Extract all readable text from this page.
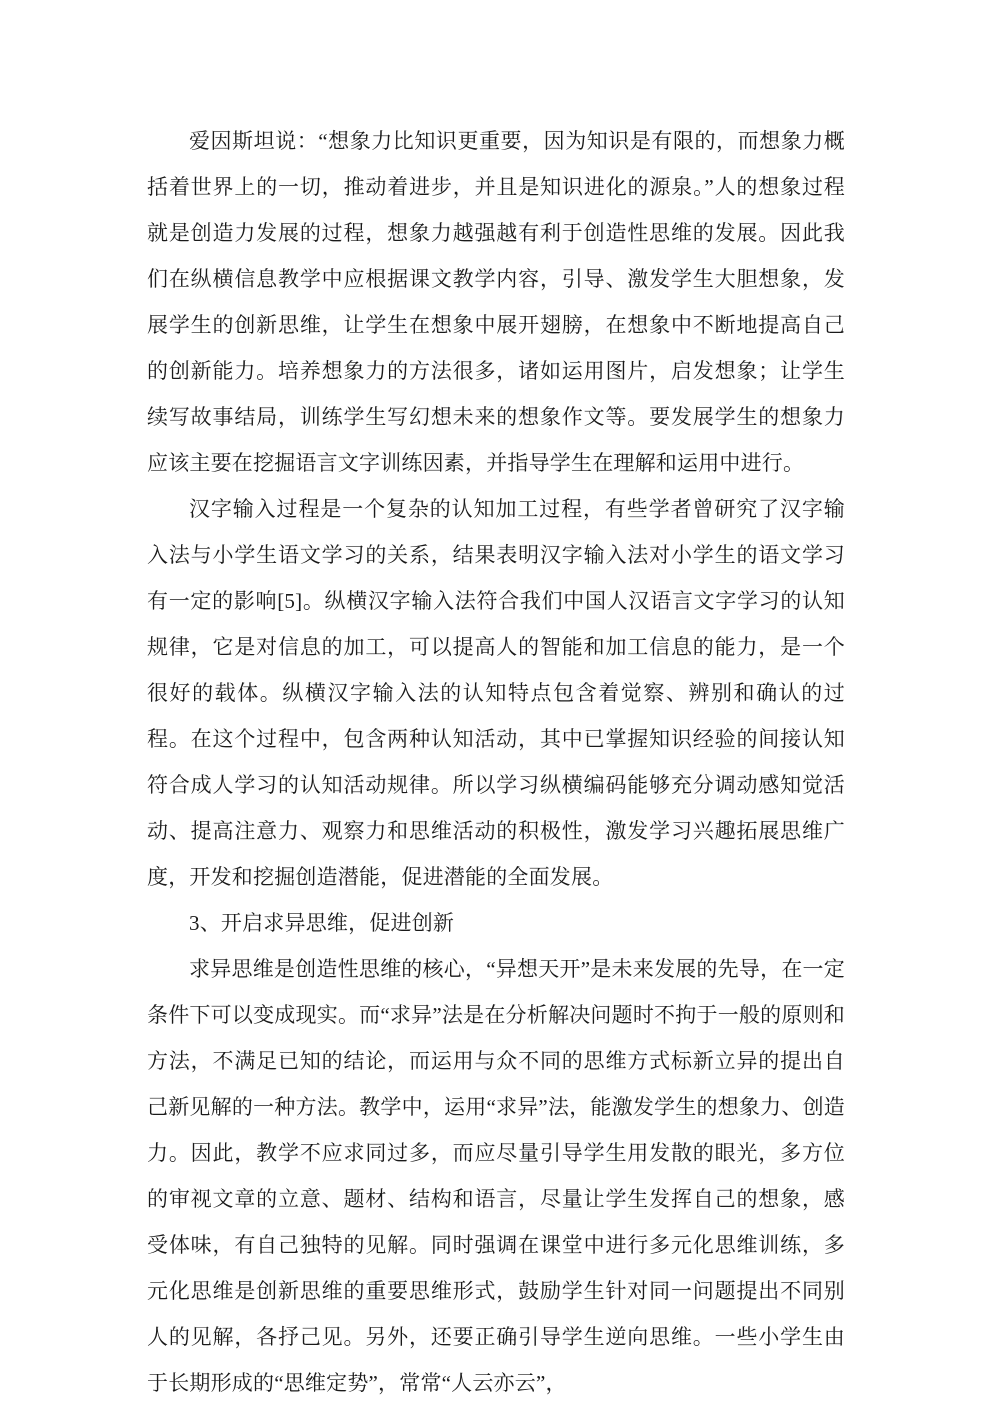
爱因斯坦说：“想象力比知识更重要，因为知识是有限的，而想象力概括着世界上的一切，推动着进步，并且是知识进化的源泉。”人的想象过程就是创造力发展的过程，想象力越强越有利于创造性思维的发展。因此我们在纵横信息教学中应根据课文教学内容，引导、激发学生大胆想象，发展学生的创新思维，让学生在想象中展开翅膀，在想象中不断地提高自己的创新能力。培养想象力的方法很多，诸如运用图片，启发想象；让学生续写故事结局，训练学生写幻想未来的想象作文等。要发展学生的想象力应该主要在挖掘语言文字训练因素，并指导学生在理解和运用中进行。

汉字输入过程是一个复杂的认知加工过程，有些学者曾研究了汉字输入法与小学生语文学习的关系，结果表明汉字输入法对小学生的语文学习有一定的影响[5]。纵横汉字输入法符合我们中国人汉语言文字学习的认知规律，它是对信息的加工，可以提高人的智能和加工信息的能力，是一个很好的载体。纵横汉字输入法的认知特点包含着觉察、辨别和确认的过程。在这个过程中，包含两种认知活动，其中已掌握知识经验的间接认知符合成人学习的认知活动规律。所以学习纵横编码能够充分调动感知觉活动、提高注意力、观察力和思维活动的积极性，激发学习兴趣拓展思维广度，开发和挖掘创造潜能，促进潜能的全面发展。

3、开启求异思维，促进创新

求异思维是创造性思维的核心，“异想天开”是未来发展的先导，在一定条件下可以变成现实。而“求异”法是在分析解决问题时不拘于一般的原则和方法，不满足已知的结论，而运用与众不同的思维方式标新立异的提出自己新见解的一种方法。教学中，运用“求异”法，能激发学生的想象力、创造力。因此，教学不应求同过多，而应尽量引导学生用发散的眼光，多方位的审视文章的立意、题材、结构和语言，尽量让学生发挥自己的想象，感受体味，有自己独特的见解。同时强调在课堂中进行多元化思维训练，多元化思维是创新思维的重要思维形式，鼓励学生针对同一问题提出不同别人的见解，各抒己见。另外，还要正确引导学生逆向思维。一些小学生由于长期形成的“思维定势”，常常“人云亦云”，
